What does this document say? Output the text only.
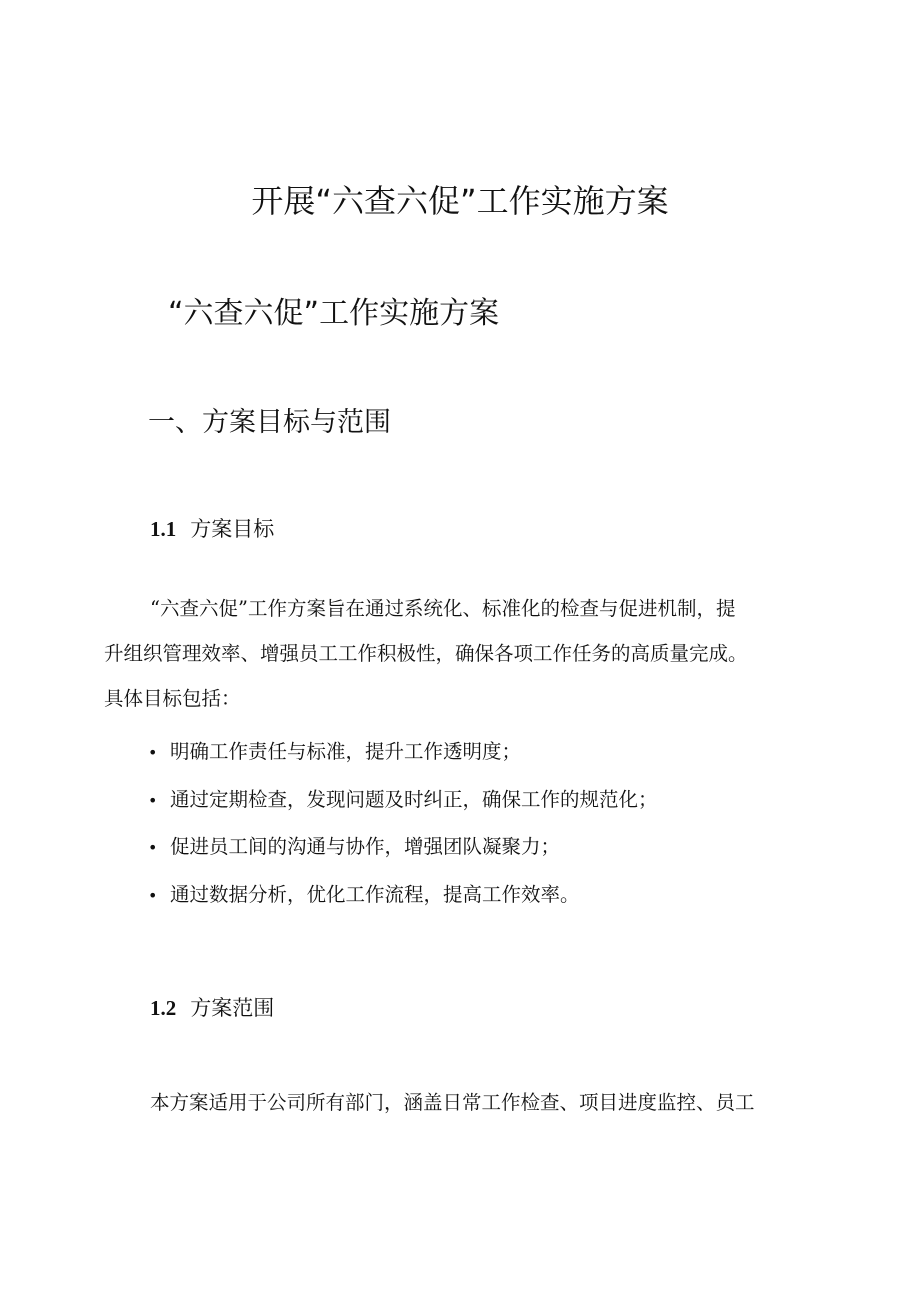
开展“六查六促”工作实施方案
“六查六促”工作实施方案
一、方案目标与范围
1.1 方案目标
“六查六促”工作方案旨在通过系统化、标准化的检查与促进机制，提
升组织管理效率、增强员工工作积极性，确保各项工作任务的高质量完成。
具体目标包括：
• 明确工作责任与标准，提升工作透明度；
• 通过定期检查，发现问题及时纠正，确保工作的规范化；
• 促进员工间的沟通与协作，增强团队凝聚力；
• 通过数据分析，优化工作流程，提高工作效率。
1.2 方案范围
本方案适用于公司所有部门，涵盖日常工作检查、项目进度监控、员工
